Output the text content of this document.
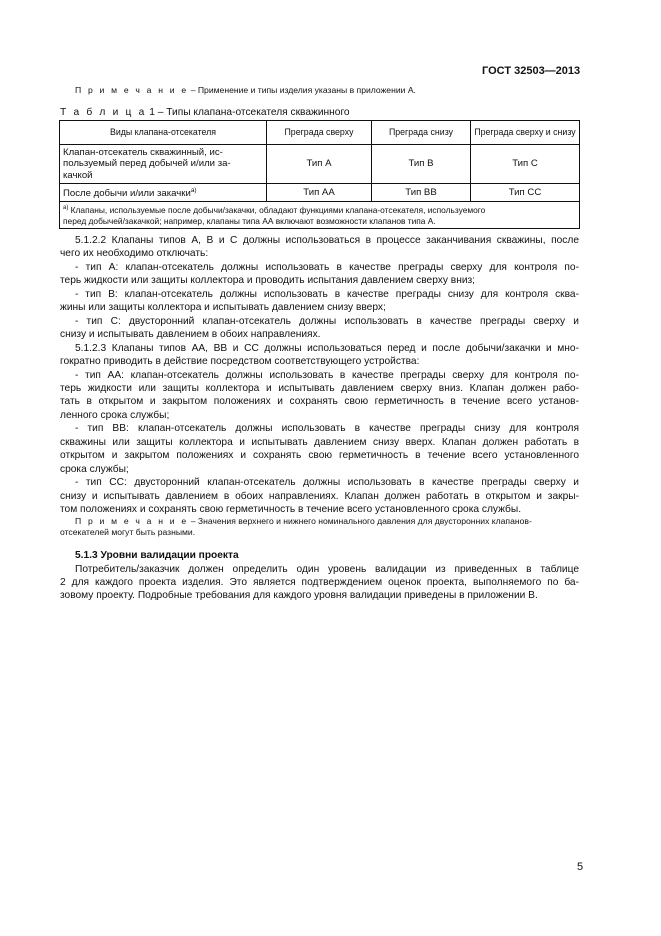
ГОСТ 32503—2013
П р и м е ч а н и е – Применение и типы изделия указаны в приложении А.
Т а б л и ц а 1 – Типы клапана-отсекателя скважинного
Виды клапана-отсекателя	Преграда сверху	Преграда снизу	Преграда сверху и снизу

Клапан-отсекатель скважинный, ис-
пользуемый перед добычей и/или за-
качкой	Тип А	Тип В	Тип С
После добычи и/или закачки$^{а)}$	Тип АА	Тип ВВ	Тип СС

$^{а)}$ Клапаны, используемые после добычи/закачки, обладают функциями клапана-отсекателя, используемого
перед добычей/закачкой; например, клапаны типа АА включают возможности клапанов типа А.			
5.1.2.2 Клапаны типов А, В и С должны использоваться в процессе заканчивания скважины, после
чего их необходимо отключать:
- тип А: клапан-отсекатель должны использовать в качестве преграды сверху для контроля по-
терь жидкости или защиты коллектора и проводить испытания давлением сверху вниз;
- тип В: клапан-отсекатель должны использовать в качестве преграды снизу для контроля сква-
жины или защиты коллектора и испытывать давлением снизу вверх;
- тип С: двусторонний клапан-отсекатель должны использовать в качестве преграды сверху и
снизу и испытывать давлением в обоих направлениях.
5.1.2.3 Клапаны типов АА, ВВ и СС должны использоваться перед и после добычи/закачки и мно-
гократно приводить в действие посредством соответствующего устройства:
- тип АА: клапан-отсекатель должны использовать в качестве преграды сверху для контроля по-
терь жидкости или защиты коллектора и испытывать давлением сверху вниз. Клапан должен рабо-
тать в открытом и закрытом положениях и сохранять свою герметичность в течение всего установ-
ленного срока службы;
- тип ВВ: клапан-отсекатель должны использовать в качестве преграды снизу для контроля
скважины или защиты коллектора и испытывать давлением снизу вверх. Клапан должен работать в
открытом и закрытом положениях и сохранять свою герметичность в течение всего установленного
срока службы;
- тип СС: двусторонний клапан-отсекатель должны использовать в качестве преграды сверху и
снизу и испытывать давлением в обоих направлениях. Клапан должен работать в открытом и закры-
том положениях и сохранять свою герметичность в течение всего установленного срока службы.
П р и м е ч а н и е – Значения верхнего и нижнего номинального давления для двусторонних клапанов-
отсекателей могут быть разными.
5.1.3 Уровни валидации проекта
Потребитель/заказчик должен определить один уровень валидации из приведенных в таблице
2 для каждого проекта изделия. Это является подтверждением оценок проекта, выполняемого по ба-
зовому проекту. Подробные требования для каждого уровня валидации приведены в приложении В.
5
